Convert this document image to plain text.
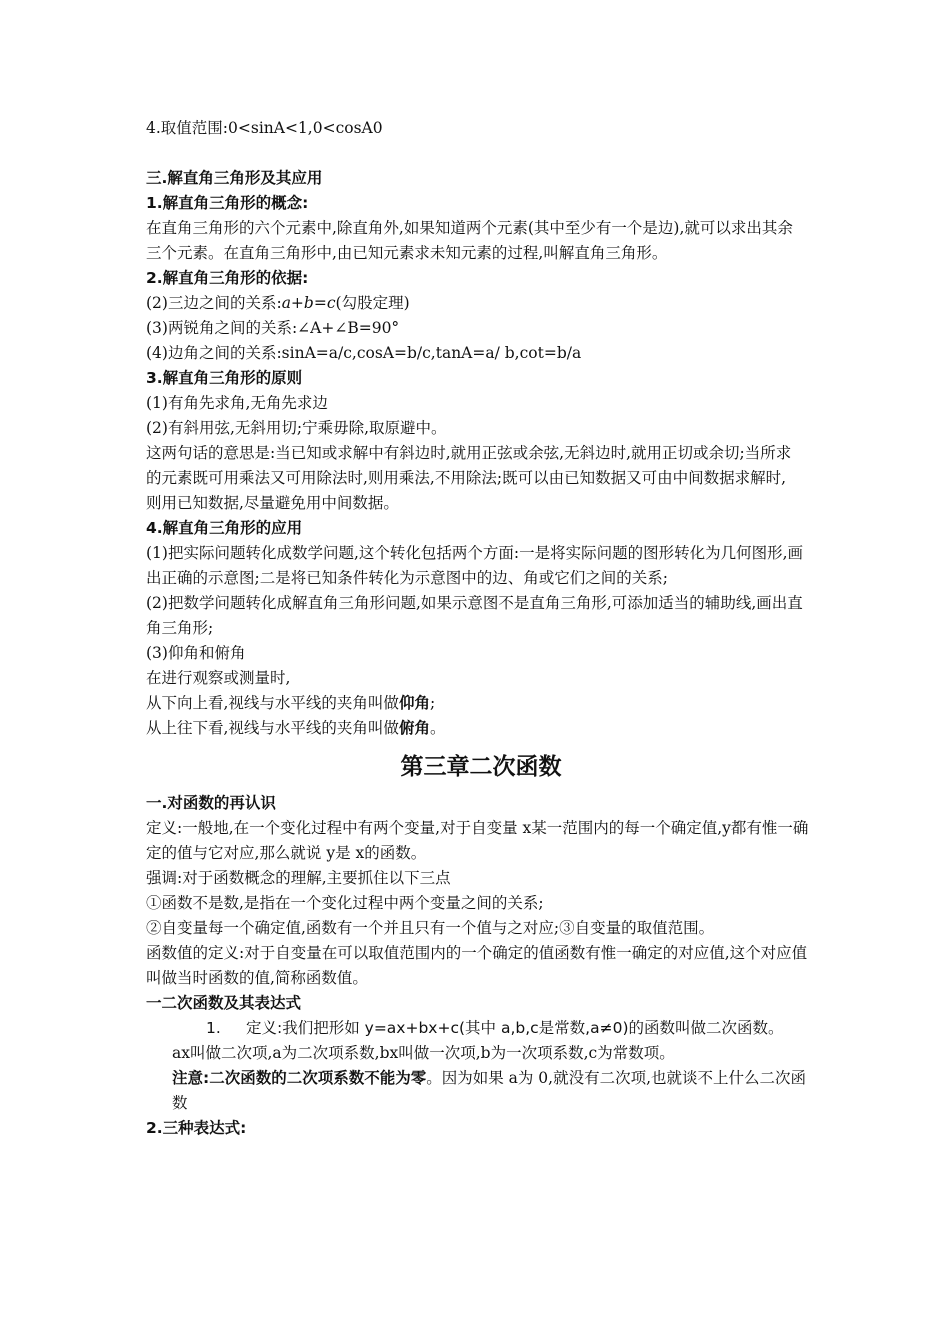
4.取值范围:0<sinA<1,0<cosA0
三.解直角三角形及其应用
1.解直角三角形的概念:
在直角三角形的六个元素中,除直角外,如果知道两个元素(其中至少有一个是边),就可以求出其余三个元素。在直角三角形中,由已知元素求未知元素的过程,叫解直角三角形。
2.解直角三角形的依据:
(2)三边之间的关系:a+b=c(勾股定理)
(3)两锐角之间的关系:∠A+∠B=90°
(4)边角之间的关系:sinA=a/c,cosA=b/c,tanA=a/ b,cot=b/a
3.解直角三角形的原则
(1)有角先求角,无角先求边
(2)有斜用弦,无斜用切;宁乘毋除,取原避中。
这两句话的意思是:当已知或求解中有斜边时,就用正弦或余弦,无斜边时,就用正切或余切;当所求的元素既可用乘法又可用除法时,则用乘法,不用除法;既可以由已知数据又可由中间数据求解时,则用已知数据,尽量避免用中间数据。
4.解直角三角形的应用
(1)把实际问题转化成数学问题,这个转化包括两个方面:一是将实际问题的图形转化为几何图形,画出正确的示意图;二是将已知条件转化为示意图中的边、角或它们之间的关系;
(2)把数学问题转化成解直角三角形问题,如果示意图不是直角三角形,可添加适当的辅助线,画出直角三角形;
(3)仰角和俯角
在进行观察或测量时,
从下向上看,视线与水平线的夹角叫做仰角;
从上往下看,视线与水平线的夹角叫做俯角。
第三章二次函数
一.对函数的再认识
定义:一般地,在一个变化过程中有两个变量,对于自变量 x某一范围内的每一个确定值,y都有惟一确定的值与它对应,那么就说 y是 x的函数。
强调:对于函数概念的理解,主要抓住以下三点
①函数不是数,是指在一个变化过程中两个变量之间的关系;
②自变量每一个确定值,函数有一个并且只有一个值与之对应;③自变量的取值范围。
函数值的定义:对于自变量在可以取值范围内的一个确定的值函数有惟一确定的对应值,这个对应值叫做当时函数的值,简称函数值。
一二次函数及其表达式
1. 定义:我们把形如 y=ax+bx+c(其中 a,b,c是常数,a≠0)的函数叫做二次函数。
ax叫做二次项,a为二次项系数,bx叫做一次项,b为一次项系数,c为常数项。
注意:二次函数的二次项系数不能为零。因为如果 a为 0,就没有二次项,也就谈不上什么二次函数
2.三种表达式:
